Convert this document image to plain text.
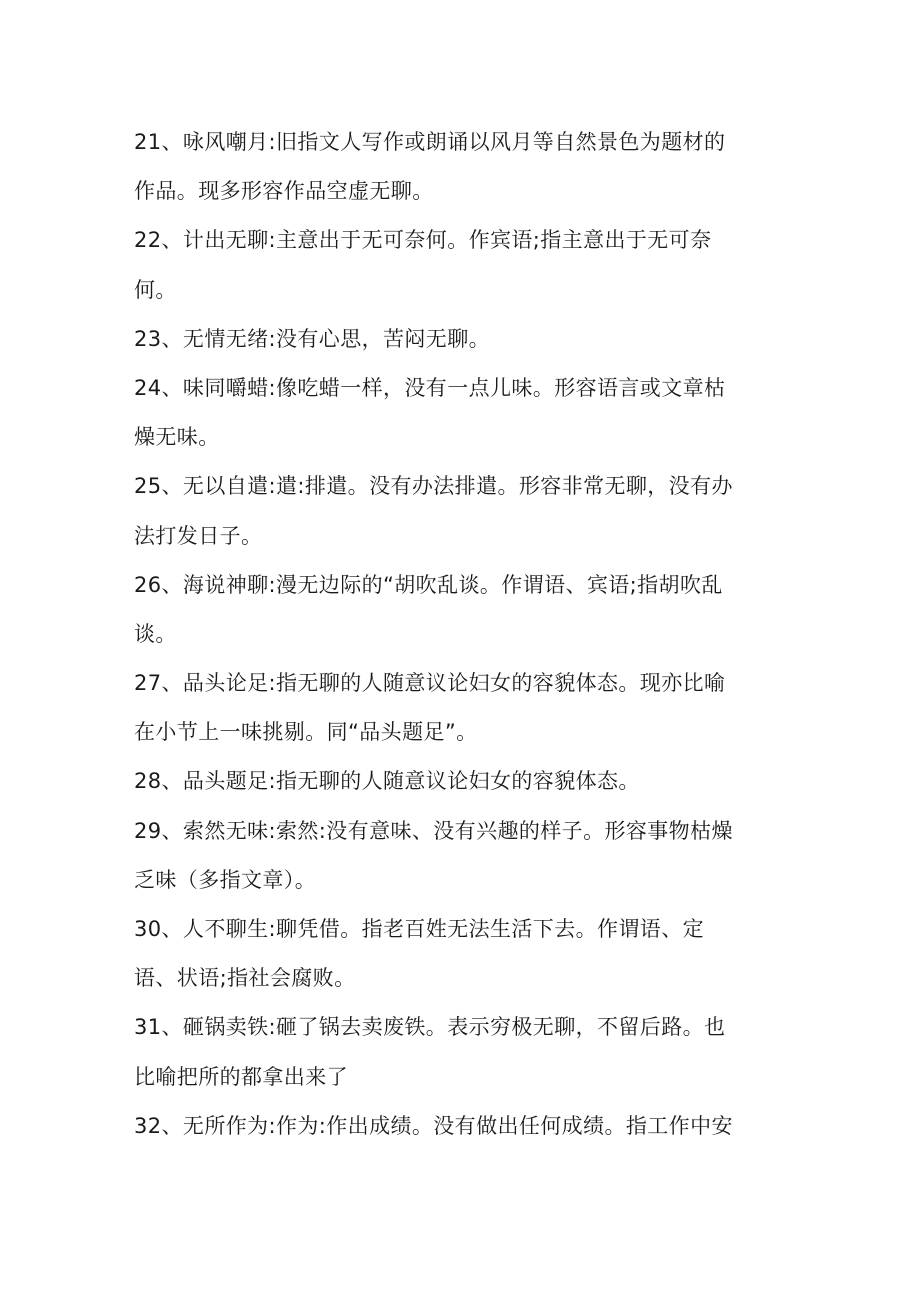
21、咏风嘲月:旧指文人写作或朗诵以风月等自然景色为题材的
作品。现多形容作品空虚无聊。
22、计出无聊:主意出于无可奈何。作宾语;指主意出于无可奈
何。
23、无情无绪:没有心思，苦闷无聊。
24、味同嚼蜡:像吃蜡一样，没有一点儿味。形容语言或文章枯
燥无味。
25、无以自遣:遣:排遣。没有办法排遣。形容非常无聊，没有办
法打发日子。
26、海说神聊:漫无边际的“胡吹乱谈。作谓语、宾语;指胡吹乱
谈。
27、品头论足:指无聊的人随意议论妇女的容貌体态。现亦比喻
在小节上一味挑剔。同“品头题足”。
28、品头题足:指无聊的人随意议论妇女的容貌体态。
29、索然无味:索然:没有意味、没有兴趣的样子。形容事物枯燥
乏味（多指文章）。
30、人不聊生:聊凭借。指老百姓无法生活下去。作谓语、定
语、状语;指社会腐败。
31、砸锅卖铁:砸了锅去卖废铁。表示穷极无聊，不留后路。也
比喻把所的都拿出来了
32、无所作为:作为:作出成绩。没有做出任何成绩。指工作中安
